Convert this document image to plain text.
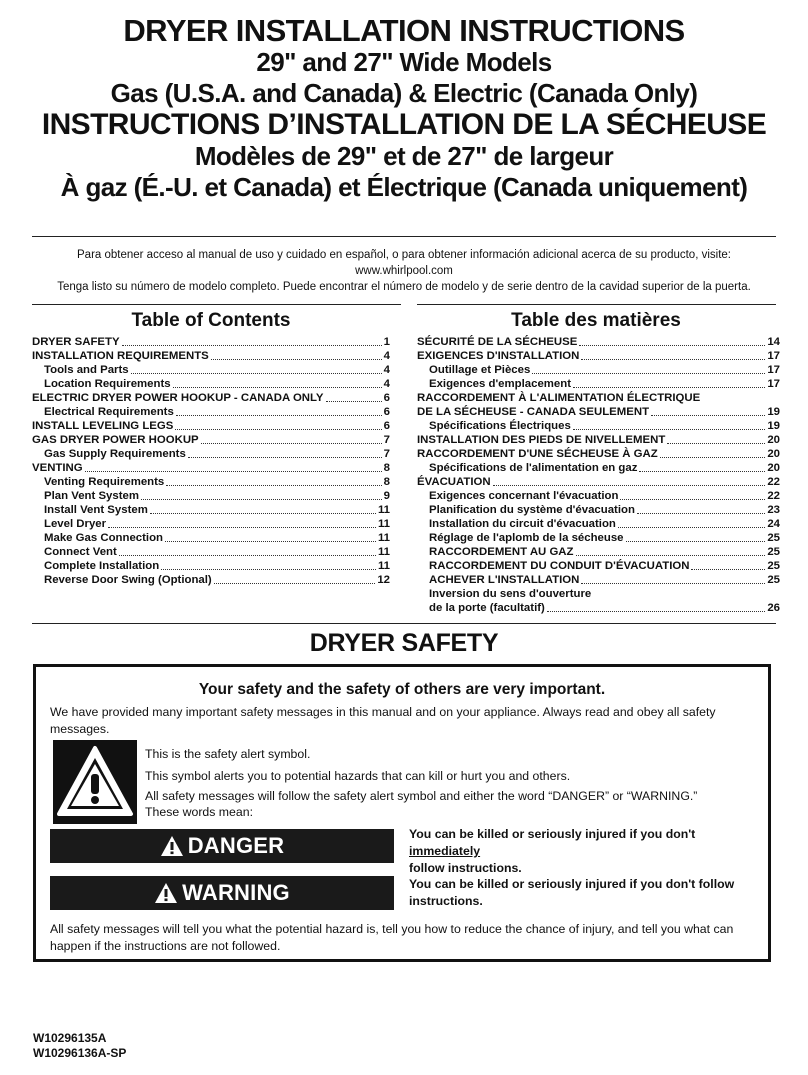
DRYER INSTALLATION INSTRUCTIONS
29" and 27" Wide Models
Gas (U.S.A. and Canada) & Electric (Canada Only)
INSTRUCTIONS D’INSTALLATION DE LA SÉCHEUSE
Modèles de 29" et de 27" de largeur
À gaz (É.-U. et Canada) et Électrique (Canada uniquement)
Para obtener acceso al manual de uso y cuidado en español, o para obtener información adicional acerca de su producto, visite:
www.whirlpool.com
Tenga listo su número de modelo completo. Puede encontrar el número de modelo y de serie dentro de la cavidad superior de la puerta.
Table of Contents	Table des matières
DRYER SAFETY	1
INSTALLATION REQUIREMENTS	4
Tools and Parts	4
Location Requirements	4
ELECTRIC DRYER POWER HOOKUP - CANADA ONLY	6
Electrical Requirements	6
INSTALL LEVELING LEGS	6
GAS DRYER POWER HOOKUP	7
Gas Supply Requirements	7
VENTING	8
Venting Requirements	8
Plan Vent System	9
Install Vent System	11
Level Dryer	11
Make Gas Connection	11
Connect Vent	11
Complete Installation	11
Reverse Door Swing (Optional)	12
SÉCURITÉ DE LA SÉCHEUSE	14
EXIGENCES D'INSTALLATION	17
Outillage et Pièces	17
Exigences d'emplacement	17
RACCORDEMENT À L'ALIMENTATION ÉLECTRIQUE
DE LA SÉCHEUSE - CANADA SEULEMENT	19
Spécifications Électriques	19
INSTALLATION DES PIEDS DE NIVELLEMENT	20
RACCORDEMENT D'UNE SÉCHEUSE À GAZ	20
Spécifications de l'alimentation en gaz	20
ÉVACUATION	22
Exigences concernant l'évacuation	22
Planification du système d'évacuation	23
Installation du circuit d'évacuation	24
Réglage de l'aplomb de la sécheuse	25
RACCORDEMENT AU GAZ	25
RACCORDEMENT DU CONDUIT D'ÉVACUATION	25
ACHEVER L'INSTALLATION	25
Inversion du sens d'ouverture
de la porte (facultatif)	26
DRYER SAFETY
Your safety and the safety of others are very important.
We have provided many important safety messages in this manual and on your appliance. Always read and obey all safety messages.
This is the safety alert symbol.
This symbol alerts you to potential hazards that can kill or hurt you and others.
All safety messages will follow the safety alert symbol and either the word “DANGER” or “WARNING.”
These words mean:
DANGER	You can be killed or seriously injured if you don't immediately
follow instructions.
WARNING	You can be killed or seriously injured if you don't follow
instructions.
All safety messages will tell you what the potential hazard is, tell you how to reduce the chance of injury, and tell you what can happen if the instructions are not followed.
W10296135A
W10296136A-SP
